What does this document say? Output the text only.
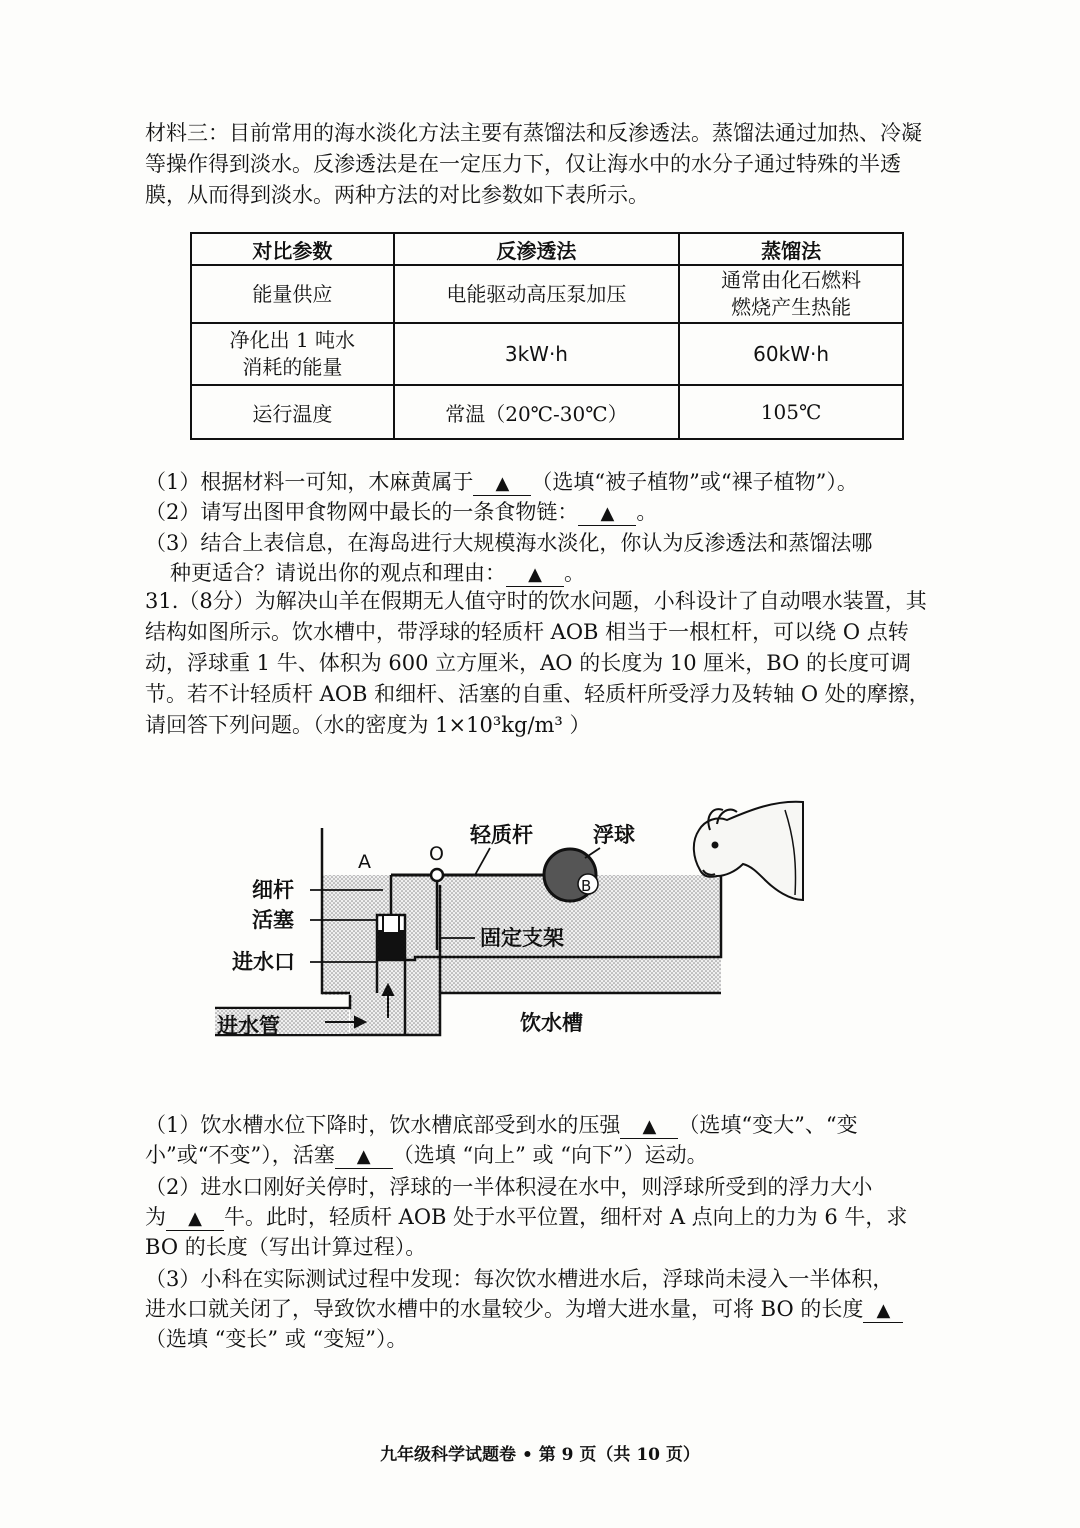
材料三：目前常用的海水淡化方法主要有蒸馏法和反渗透法。蒸馏法通过加热、冷凝等操作得到淡水。反渗透法是在一定压力下，仅让海水中的水分子通过特殊的半透膜，从而得到淡水。两种方法的对比参数如下表所示。

对比参数	反渗透法	蒸馏法
能量供应	电能驱动高压泵加压	通常由化石燃料
燃烧产生热能
净化出 1 吨水
消耗的能量	3kW·h	60kW·h
运行温度	常温（20℃-30℃）	105℃

（1）根据材料一可知，木麻黄属于 ▲ （选填“被子植物”或“裸子植物”）。

（2）请写出图甲食物网中最长的一条食物链： ▲ 。

（3）结合上表信息，在海岛进行大规模海水淡化，你认为反渗透法和蒸馏法哪

种更适合？请说出你的观点和理由： ▲ 。

31.（8分）为解决山羊在假期无人值守时的饮水问题，小科设计了自动喂水装置，其结构如图所示。饮水槽中，带浮球的轻质杆 AOB 相当于一根杠杆，可以绕 O 点转动，浮球重 1 牛、体积为 600 立方厘米，AO 的长度为 10 厘米，BO 的长度可调节。若不计轻质杆 AOB 和细杆、活塞的自重、轻质杆所受浮力及转轴 O 处的摩擦，请回答下列问题。（水的密度为 1×10³kg/m³ ）

轻质杆	浮球
A	O
B
细杆
活塞
进水口
进水管
固定支架
饮水槽

（1）饮水槽水位下降时，饮水槽底部受到水的压强 ▲ （选填“变大”、“变

小”或“不变”），活塞 ▲ （选填 “向上” 或 “向下”）运动。

（2）进水口刚好关停时，浮球的一半体积浸在水中，则浮球所受到的浮力大小

为 ▲ 牛。此时，轻质杆 AOB 处于水平位置，细杆对 A 点向上的力为 6 牛，求

BO 的长度（写出计算过程）。

（3）小科在实际测试过程中发现：每次饮水槽进水后，浮球尚未浸入一半体积，

进水口就关闭了，导致饮水槽中的水量较少。为增大进水量，可将 BO 的长度 ▲

（选填 “变长” 或 “变短”）。

九年级科学试题卷 • 第 9 页（共 10 页）
